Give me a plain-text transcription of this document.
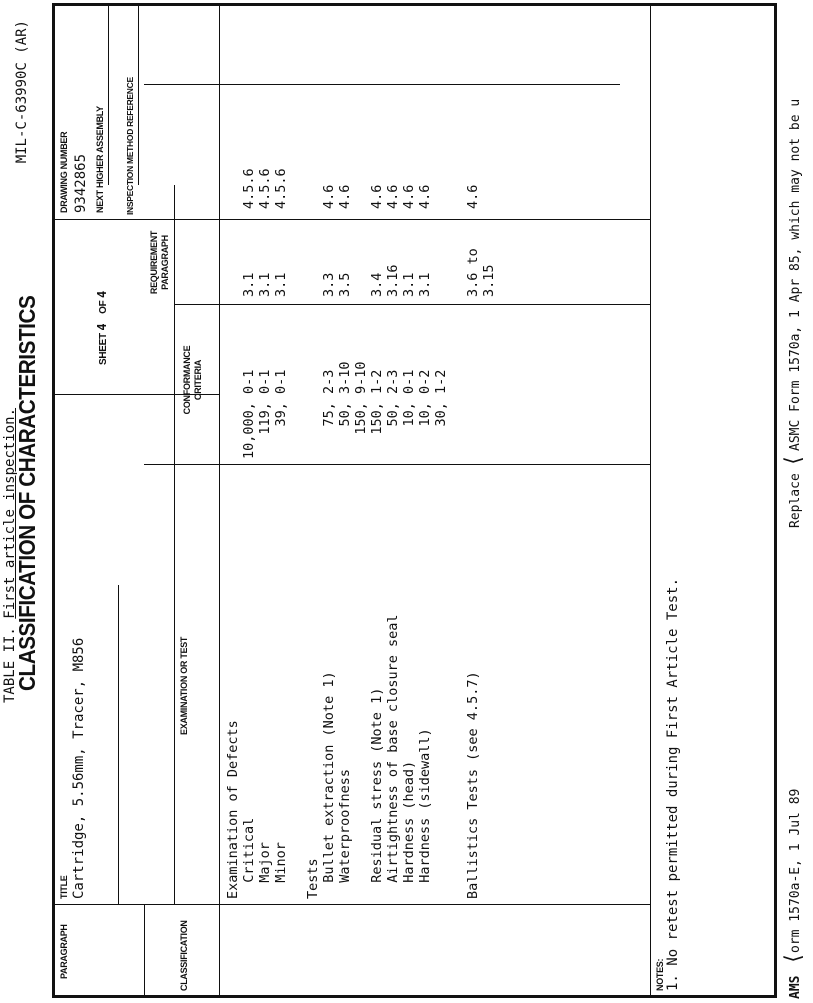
TABLE II. First article inspection.
MIL-C-63990C (AR)
CLASSIFICATION OF CHARACTERISTICS
PARAGRAPH
TITLE Cartridge, 5.56mm, Tracer, M856
SHEET 4    OF 4
DRAWING NUMBER 9342865 NEXT HIGHER ASSEMBLY
CLASSIFICATION
EXAMINATION OR TEST
CONFORMANCE CRITERIA
REQUIREMENT PARAGRAPH
INSPECTION METHOD REFERENCE
Examination of Defects Critical
10,000, 0-1
3.1
4.5.6
Major
119, 0-1
3.1
4.5.6
Minor
39, 0-1
3.1
4.5.6
Tests Bullet extraction (Note 1)
75, 2-3
3.3
4.6
Waterproofness
50, 3-10
3.5
4.6
150, 9-10
Residual stress (Note 1)
150, 1-2
3.4
4.6
Airtightness of base closure seal
50, 2-3
3.16
4.6
Hardness (head)
10, 0-1
3.1
4.6
Hardness (sidewall)
10, 0-2
3.1
4.6
30, 1-2
Ballistics Tests (see 4.5.7)
3.6 to
4.6
3.15
NOTES: 1. No retest permitted during First Article Test.	AMS
⟨
orm 1570a-E, 1 Jul 89
Replace
⟨
ASMC Form 1570a, 1 Apr 85, which may not be u
